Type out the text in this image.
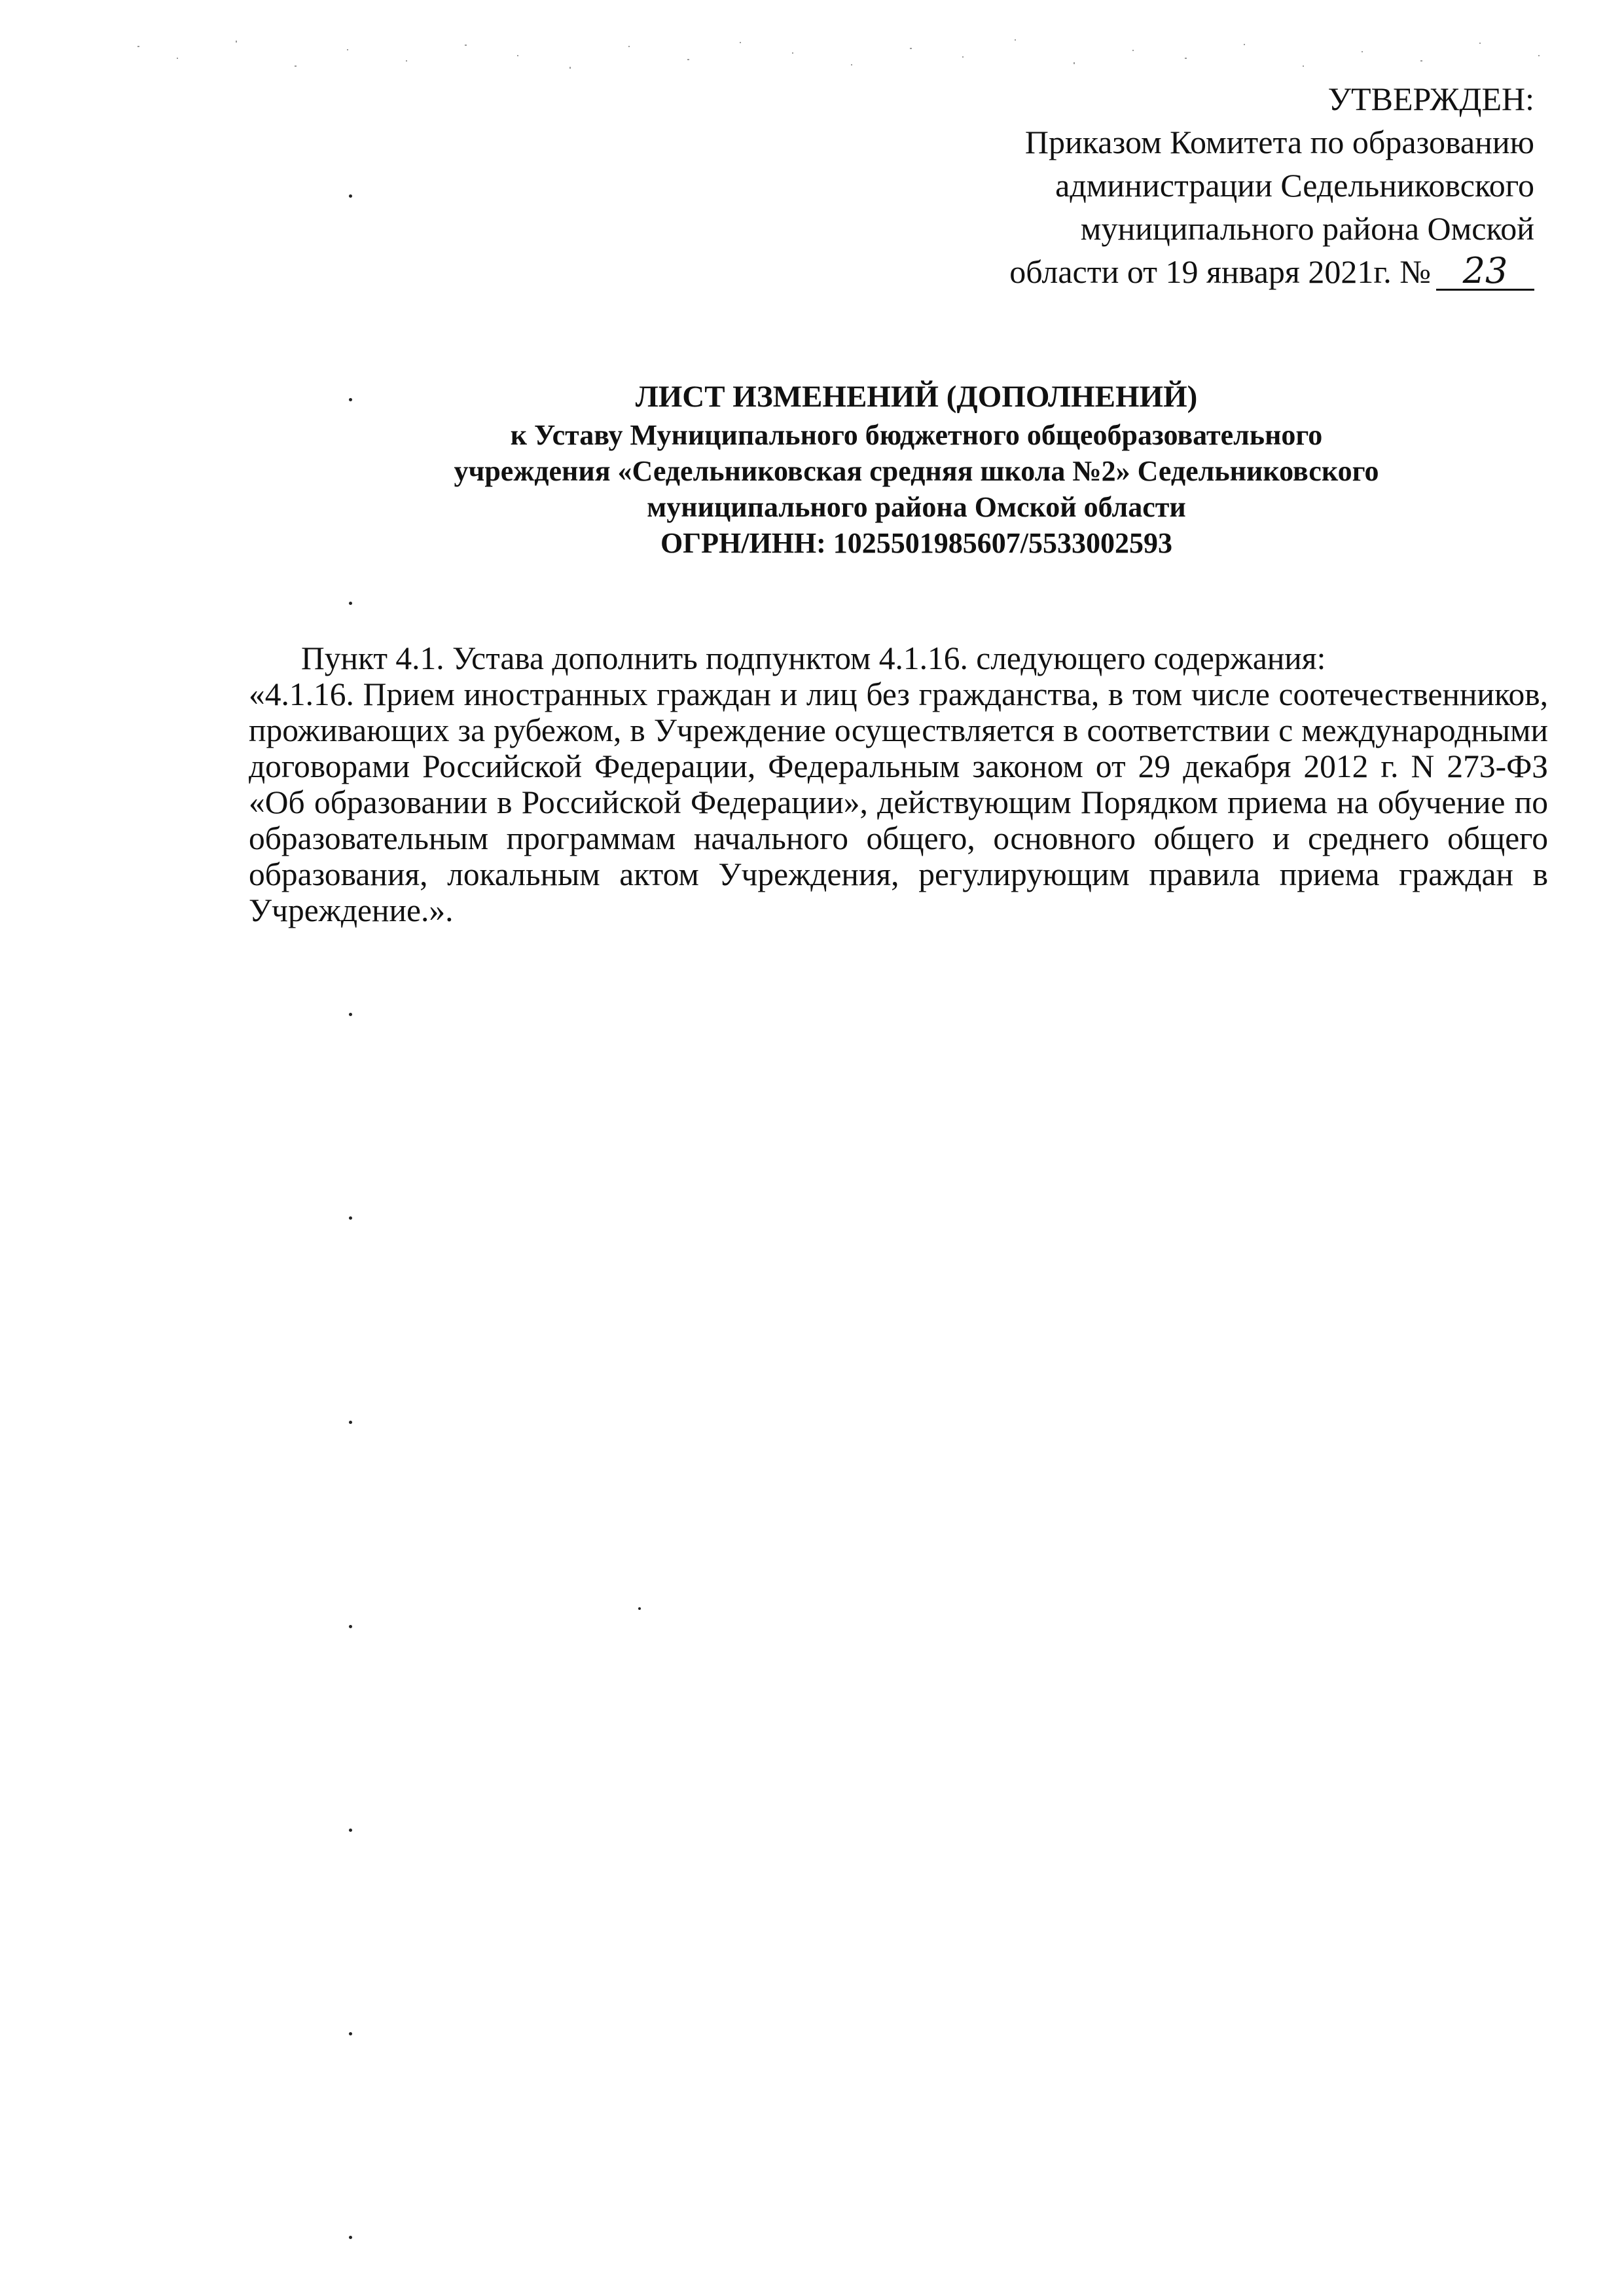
УТВЕРЖДЕН:
Приказом Комитета по образованию
администрации Седельниковского
муниципального района Омской
области от 19 января 2021г. № 23
ЛИСТ ИЗМЕНЕНИЙ (ДОПОЛНЕНИЙ)
к Уставу Муниципального бюджетного общеобразовательного
учреждения «Седельниковская средняя школа №2» Седельниковского
муниципального района Омской области
ОГРН/ИНН: 1025501985607/5533002593

Пункт 4.1. Устава дополнить подпунктом 4.1.16. следующего содержания:

«4.1.16. Прием иностранных граждан и лиц без гражданства, в том числе соотечественников, проживающих за рубежом, в Учреждение осуществляется в соответствии с международными договорами Российской Федерации, Федеральным законом от 29 декабря 2012 г. N 273-ФЗ «Об образовании в Российской Федерации», действующим Порядком приема на обучение по образовательным программам начального общего, основного общего и среднего общего образования, локальным актом Учреждения, регулирующим правила приема граждан в Учреждение.».
